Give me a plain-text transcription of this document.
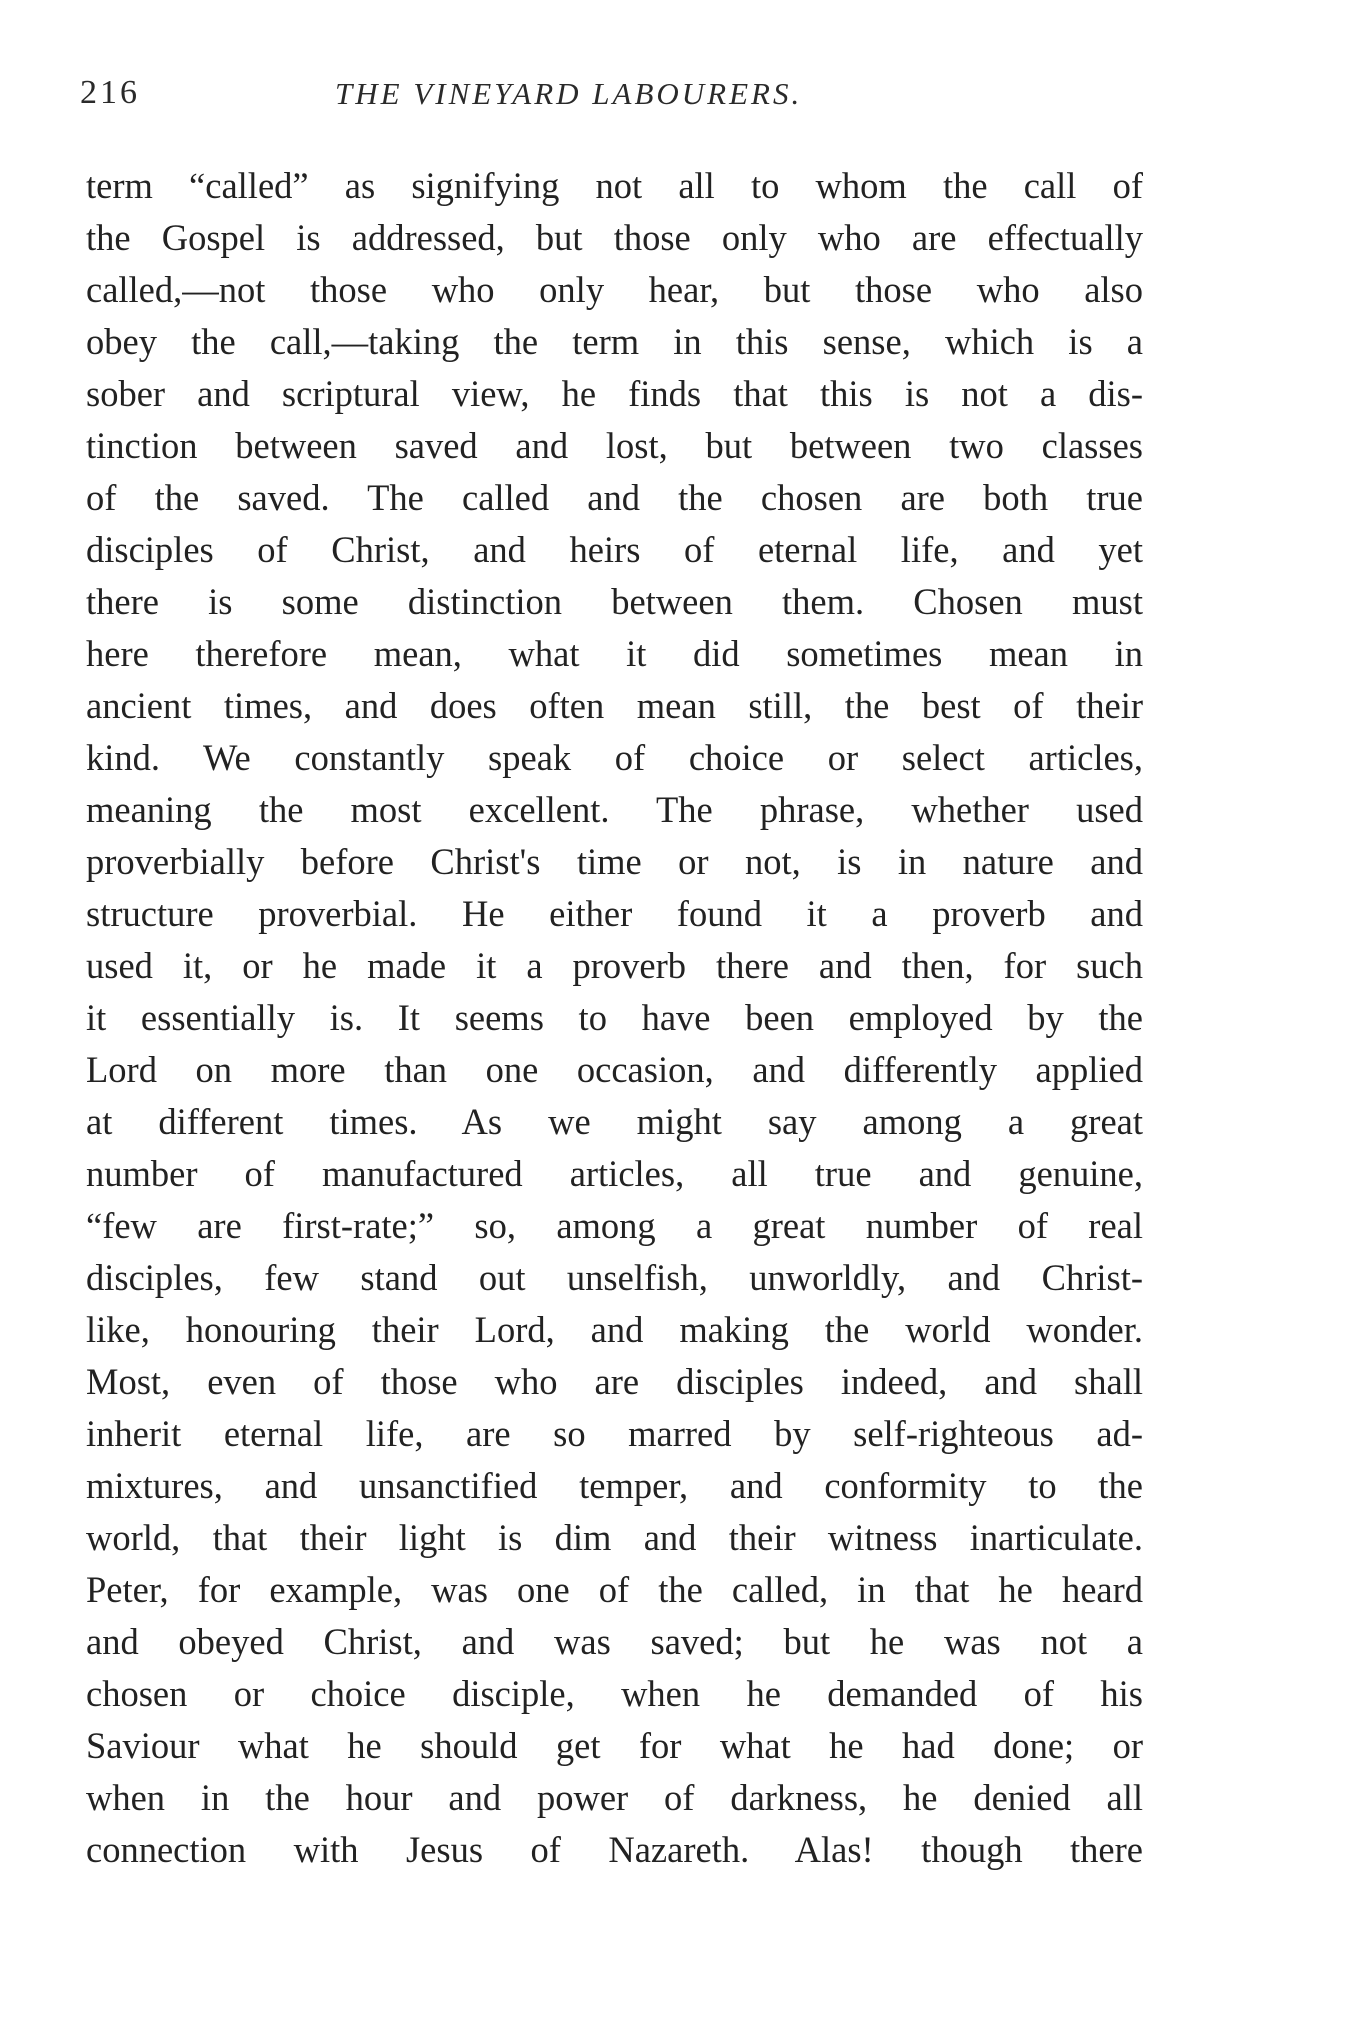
216	THE VINEYARD LABOURERS.
term “called” as signifying not all to whom the call of
the Gospel is addressed, but those only who are effectually
called,—not those who only hear, but those who also
obey the call,—taking the term in this sense, which is a
sober and scriptural view, he finds that this is not a dis-
tinction between saved and lost, but between two classes
of the saved. The called and the chosen are both true
disciples of Christ, and heirs of eternal life, and yet
there is some distinction between them. Chosen must
here therefore mean, what it did sometimes mean in
ancient times, and does often mean still, the best of their
kind. We constantly speak of choice or select articles,
meaning the most excellent. The phrase, whether used
proverbially before Christ's time or not, is in nature and
structure proverbial. He either found it a proverb and
used it, or he made it a proverb there and then, for such
it essentially is. It seems to have been employed by the
Lord on more than one occasion, and differently applied
at different times. As we might say among a great
number of manufactured articles, all true and genuine,
“few are first-rate;” so, among a great number of real
disciples, few stand out unselfish, unworldly, and Christ-
like, honouring their Lord, and making the world wonder.
Most, even of those who are disciples indeed, and shall
inherit eternal life, are so marred by self-righteous ad-
mixtures, and unsanctified temper, and conformity to the
world, that their light is dim and their witness inarticulate.
Peter, for example, was one of the called, in that he heard
and obeyed Christ, and was saved; but he was not a
chosen or choice disciple, when he demanded of his
Saviour what he should get for what he had done; or
when in the hour and power of darkness, he denied all
connection with Jesus of Nazareth. Alas! though there
